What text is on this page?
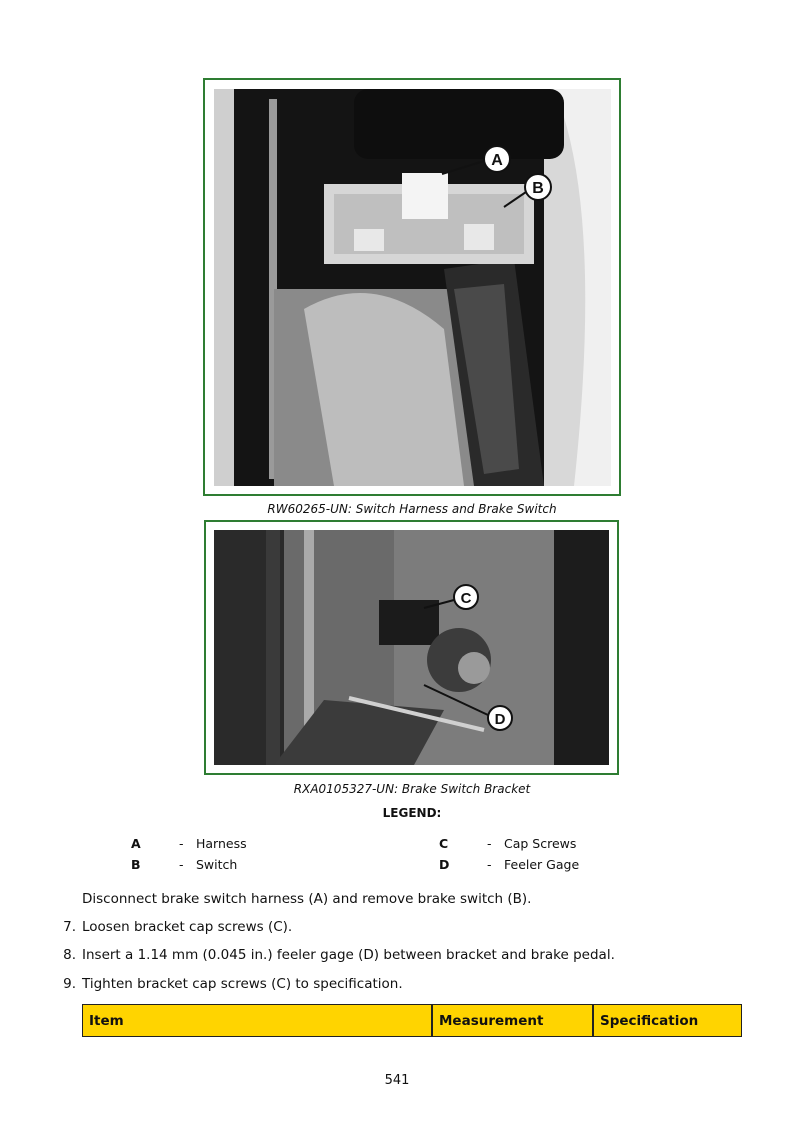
A
B
RW60265-UN: Switch Harness and Brake Switch
C
D
RXA0105327-UN: Brake Switch Bracket
LEGEND:
A	- Harness
B	- Switch
C	- Cap Screws
D	- Feeler Gage
Disconnect brake switch harness (A) and remove brake switch (B).
7. Loosen bracket cap screws (C).
8. Insert a 1.14 mm (0.045 in.) feeler gage (D) between bracket and brake pedal.
9. Tighten bracket cap screws (C) to specification.
Item	Measurement	Specification
541
